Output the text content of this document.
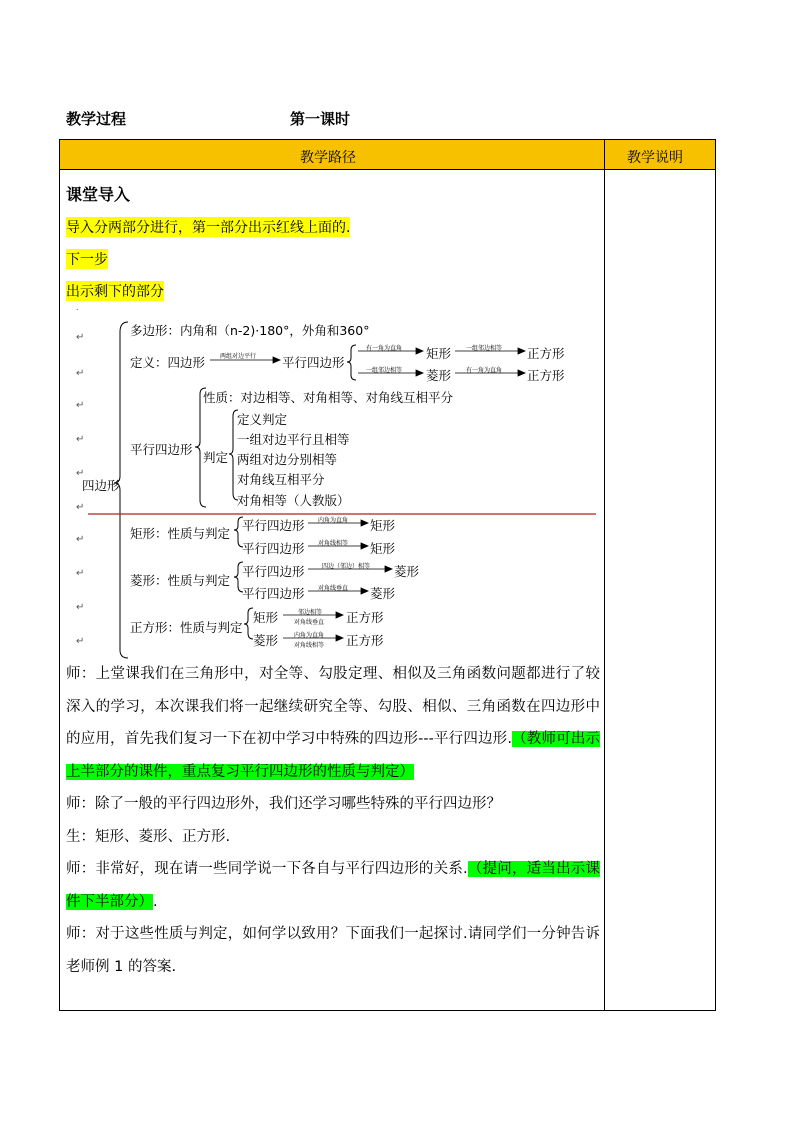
教学过程	第一课时
教学路径	教学说明
课堂导入
导入分两部分进行，第一部分出示红线上面的.
下一步
出示剩下的部分
.
↵
↵
↵
↵
↵
↵
↵
↵
↵
↵
四边形
多边形：内角和（n-2)·180°，外角和360°
定义：四边形 两组对边平行 平行四边形
有一角为直角 矩形 一组邻边相等 正方形
一组邻边相等 菱形 有一角为直角 正方形
平行四边形
性质：对边相等、对角相等、对角线互相平分
判定
定义判定
一组对边平行且相等
两组对边分别相等
对角线互相平分
对角相等（人教版）
矩形：性质与判定
平行四边形 内角为直角 矩形
平行四边形 对角线相等 矩形
菱形：性质与判定
平行四边形	四边（邻边）相等 菱形
平行四边形 对角线垂直 菱形
正方形：性质与判定
矩形	邻边相等
对角线垂直 正方形
菱形	内角为直角
对角线相等 正方形
师：上堂课我们在三角形中，对全等、勾股定理、相似及三角函数问题都进行了较深入的学习，本次课我们将一起继续研究全等、勾股、相似、三角函数在四边形中的应用，首先我们复习一下在初中学习中特殊的四边形---平行四边形.（教师可出示上半部分的课件，重点复习平行四边形的性质与判定）
师：除了一般的平行四边形外，我们还学习哪些特殊的平行四边形？
生：矩形、菱形、正方形.
师：非常好，现在请一些同学说一下各自与平行四边形的关系.（提问，适当出示课件下半部分）.
师：对于这些性质与判定，如何学以致用？下面我们一起探讨.请同学们一分钟告诉老师例 1 的答案.
